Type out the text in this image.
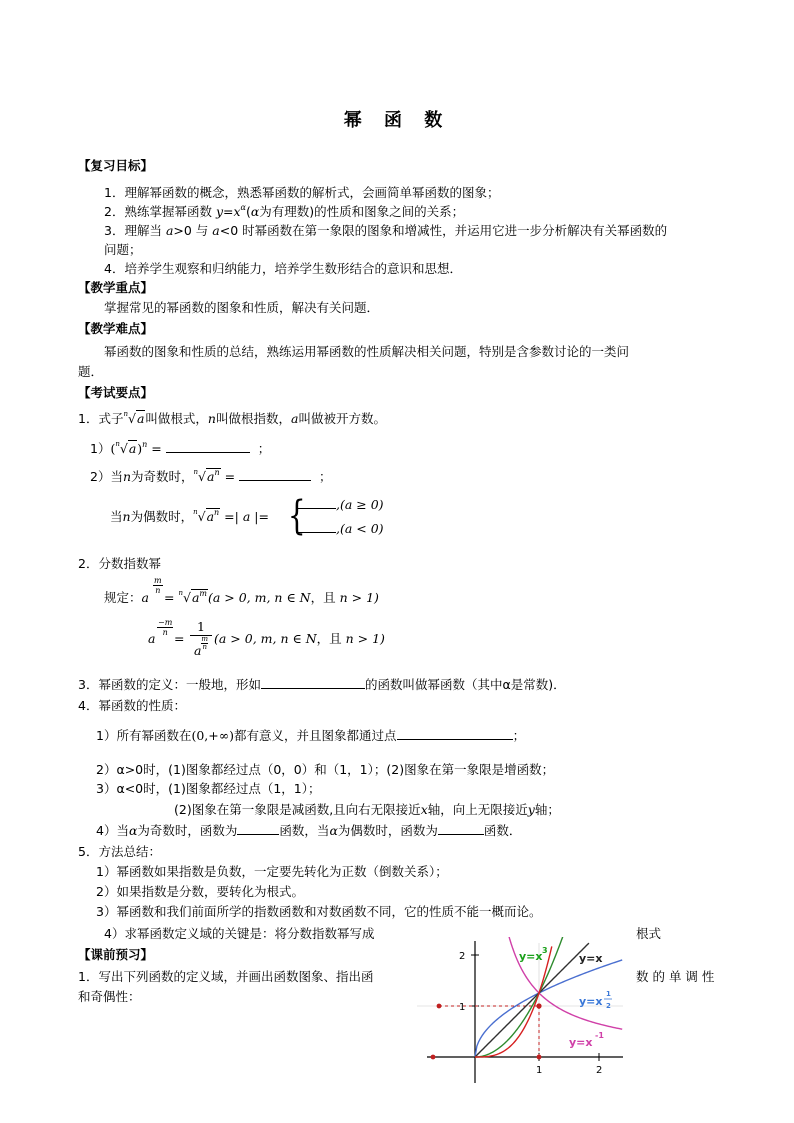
幂 函 数
【复习目标】
1．理解幂函数的概念，熟悉幂函数的解析式，会画简单幂函数的图象；
2．熟练掌握幂函数 $y=x^\alpha(\alpha$为有理数)的性质和图象之间的关系；
3．理解当 a>0 与 a<0 时幂函数在第一象限的图象和增减性，并运用它进一步分析解决有关幂函数的
问题；
4．培养学生观察和归纳能力，培养学生数形结合的意识和思想．
【教学重点】
掌握常见的幂函数的图象和性质，解决有关问题．
【教学难点】
幂函数的图象和性质的总结，熟练运用幂函数的性质解决相关问题，特别是含参数讨论的一类问
题．
【考试要点】
1．式子$^n$√a叫做根式，n叫做根指数，a叫做被开方数。
$1)(^n√a)^n$ =	；
2）当n为奇数时，$^n√a^n$ =	；
当n为偶数时，$^n√a^n$ =| a |= {	,(a ≥ 0)
,(a < 0)
2．分数指数幂
规定：a
m
$n = ^n√a^m(a > 0$, m, n ∈ N，且 n > 1)
a
−m
n =
1
a $\frac{m}{n} (a > 0$, m, n ∈ N，且 n > 1)
3．幂函数的定义：一般地，形如	的函数叫做幂函数（其中α是常数)．
4．幂函数的性质：
1）所有幂函数在(0,+∞)都有意义，并且图象都通过点	；
2）α>0时，(1)图象都经过点（0，0）和（1，1）；(2)图象在第一象限是增函数；
3）α<0时，(1)图象都经过点（1，1）；
(2)图象在第一象限是减函数,且向右无限接近x轴，向上无限接近y轴；
4）当α为奇数时，函数为	函数，当α为偶数时，函数为	函数．
5．方法总结：
1）幂函数如果指数是负数，一定要先转化为正数（倒数关系）；
2）如果指数是分数，要转化为根式。
3）幂函数和我们前面所学的指数函数和对数函数不同，它的性质不能一概而论。
4）求幂函数定义域的关键是：将分数指数幂写成	根式
【课前预习】
1．写出下列函数的定义域，并画出函数图象、指出函	数 的 单 调 性
和奇偶性：
2
1
1	2
y=x 3
y=x
y=x
1
2
y=x
-1
